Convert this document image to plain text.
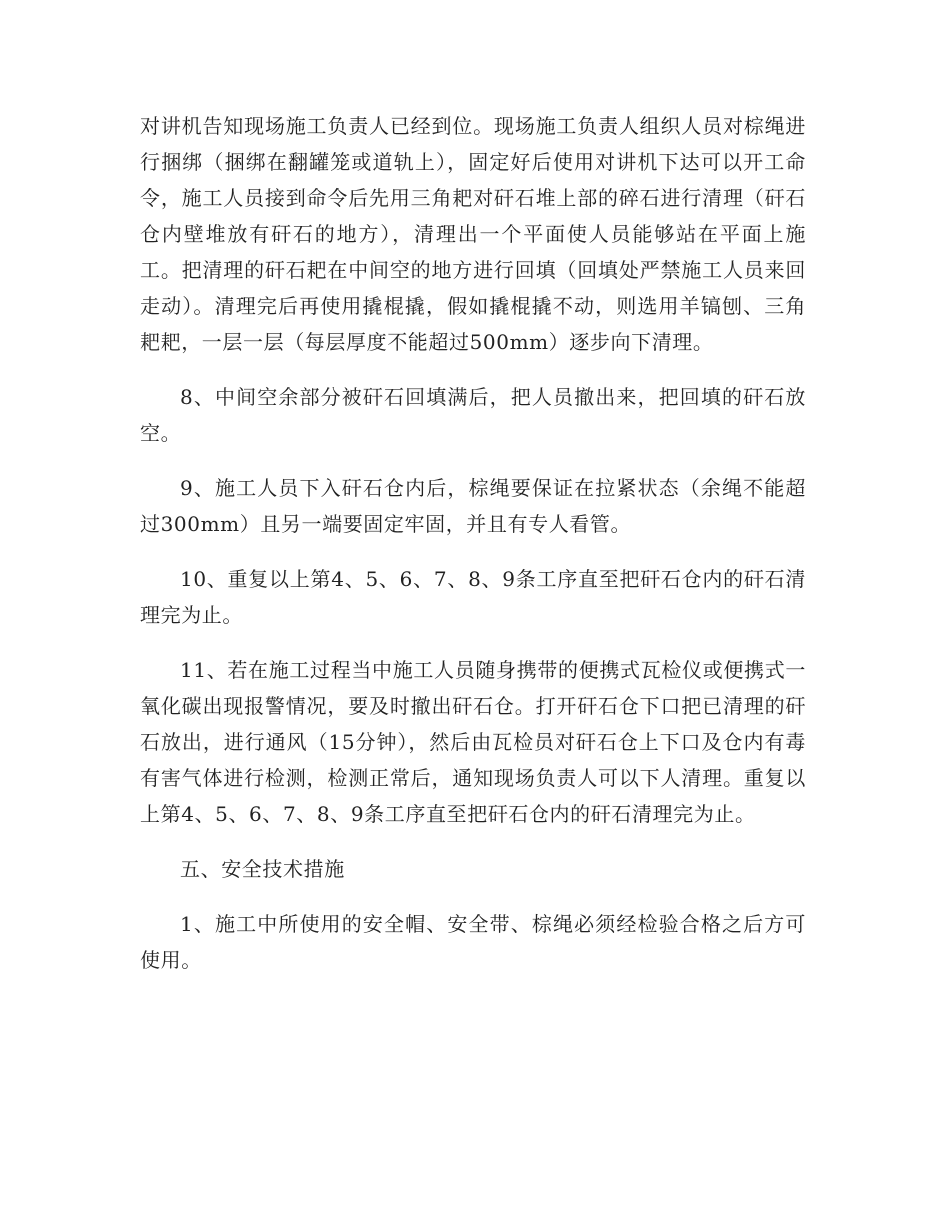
对讲机告知现场施工负责人已经到位。现场施工负责人组织人员对棕绳进行捆绑（捆绑在翻罐笼或道轨上），固定好后使用对讲机下达可以开工命令，施工人员接到命令后先用三角耙对矸石堆上部的碎石进行清理（矸石仓内壁堆放有矸石的地方），清理出一个平面使人员能够站在平面上施工。把清理的矸石耙在中间空的地方进行回填（回填处严禁施工人员来回走动）。清理完后再使用撬棍撬，假如撬棍撬不动，则选用羊镐刨、三角耙耙，一层一层（每层厚度不能超过500mm）逐步向下清理。

8、中间空余部分被矸石回填满后，把人员撤出来，把回填的矸石放空。

9、施工人员下入矸石仓内后，棕绳要保证在拉紧状态（余绳不能超过300mm）且另一端要固定牢固，并且有专人看管。

10、重复以上第4、5、6、7、8、9条工序直至把矸石仓内的矸石清理完为止。

11、若在施工过程当中施工人员随身携带的便携式瓦检仪或便携式一氧化碳出现报警情况，要及时撤出矸石仓。打开矸石仓下口把已清理的矸石放出，进行通风（15分钟），然后由瓦检员对矸石仓上下口及仓内有毒有害气体进行检测，检测正常后，通知现场负责人可以下人清理。重复以上第4、5、6、7、8、9条工序直至把矸石仓内的矸石清理完为止。

五、安全技术措施

1、施工中所使用的安全帽、安全带、棕绳必须经检验合格之后方可使用。
